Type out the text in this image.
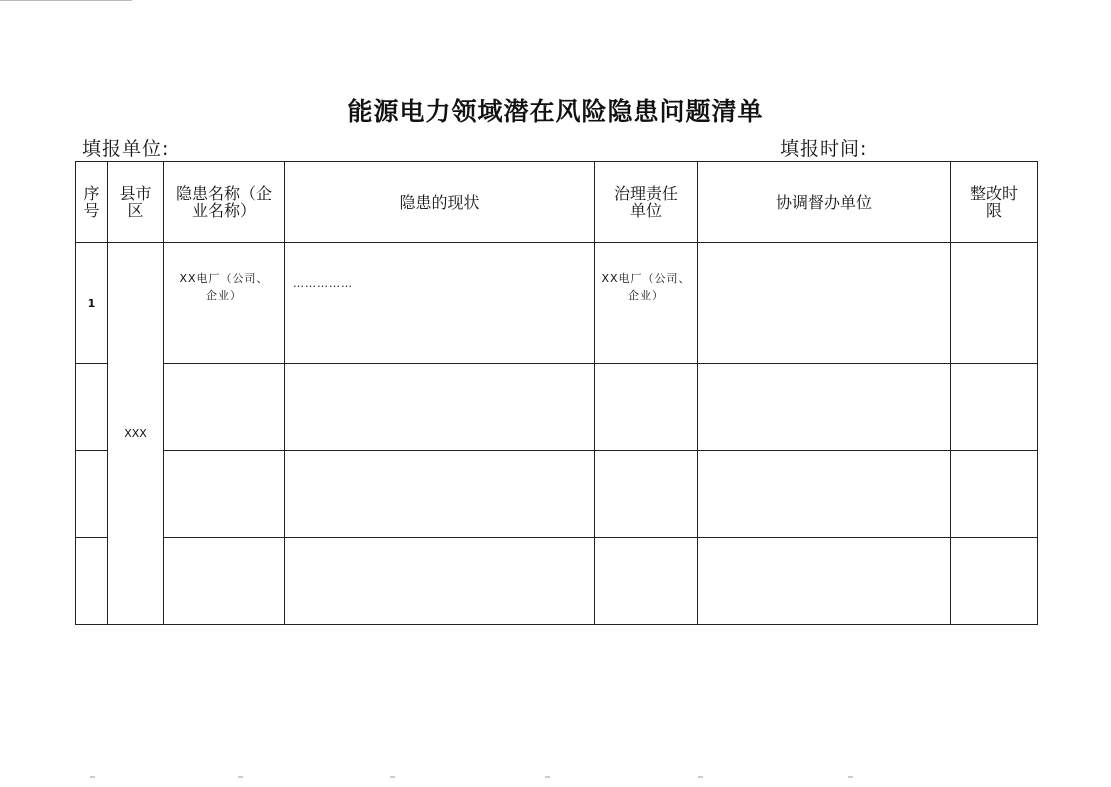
能源电力领域潜在风险隐患问题清单
填报单位:	填报时间:
序号	县市区	隐患名称（企业名称）	隐患的现状	治理责任单位	协调督办单位	整改时限
1	XXX	XX电厂（公司、企业）	……………	XX电厂（公司、企业）		
